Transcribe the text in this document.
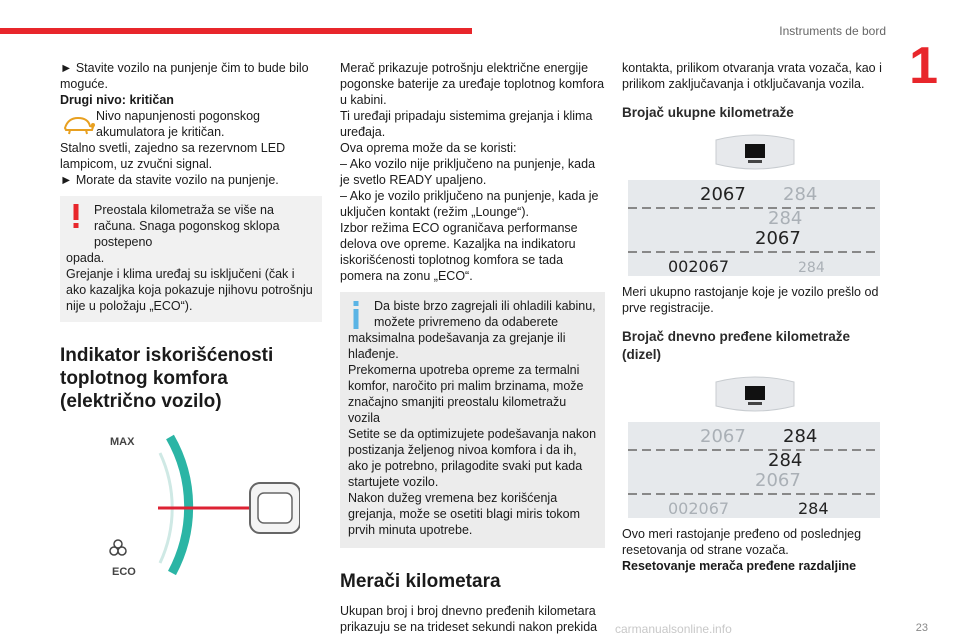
Instruments de bord
1

► Stavite vozilo na punjenje čim to bude bilo moguće.

Drugi nivo: kritičan

Nivo napunjenosti pogonskog akumulatora je kritičan.

Stalno svetli, zajedno sa rezervnom LED lampicom, uz zvučni signal.

► Morate da stavite vozilo na punjenje.

Preostala kilometraža se više na računa. Snaga pogonskog sklopa postepeno

opada.

Grejanje i klima uređaj su isključeni (čak i ako kazaljka koja pokazuje njihovu potrošnju nije u položaju „ECO“).

Indikator iskorišćenosti toplotnog komfora (električno vozilo)
MAX
ECO

Merač prikazuje potrošnju električne energije pogonske baterije za uređaje toplotnog komfora u kabini.

Ti uređaji pripadaju sistemima grejanja i klima uređaja.

Ova oprema može da se koristi:

– Ako vozilo nije priključeno na punjenje, kada je svetlo READY upaljeno.

– Ako je vozilo priključeno na punjenje, kada je uključen kontakt (režim „Lounge“).

Izbor režima ECO ograničava performanse delova ove opreme. Kazaljka na indikatoru iskorišćenosti toplotnog komfora se tada pomera na zonu „ECO“.

Da biste brzo zagrejali ili ohladili kabinu, možete privremeno da odaberete

maksimalna podešavanja za grejanje ili hlađenje.

Prekomerna upotreba opreme za termalni komfor, naročito pri malim brzinama, može značajno smanjiti preostalu kilometražu vozila

Setite se da optimizujete podešavanja nakon postizanja željenog nivoa komfora i da ih, ako je potrebno, prilagodite svaki put kada startujete vozilo.

Nakon dužeg vremena bez korišćenja grejanja, može se osetiti blagi miris tokom prvih minuta upotrebe.

Merači kilometara

Ukupan broj i broj dnevno pređenih kilometara prikazuju se na trideset sekundi nakon prekida

kontakta, prilikom otvaranja vrata vozača, kao i prilikom zaključavanja i otključavanja vozila.

Brojač ukupne kilometraže
2067 284
284
2067
002067	284

Meri ukupno rastojanje koje je vozilo prešlo od prve registracije.

Brojač dnevno pređene kilometraže (dizel)
2067 284
284
2067
002067	284

Ovo meri rastojanje pređeno od poslednjeg resetovanja od strane vozača.

Resetovanje merača pređene razdaljine

carmanualsonline.info	23
